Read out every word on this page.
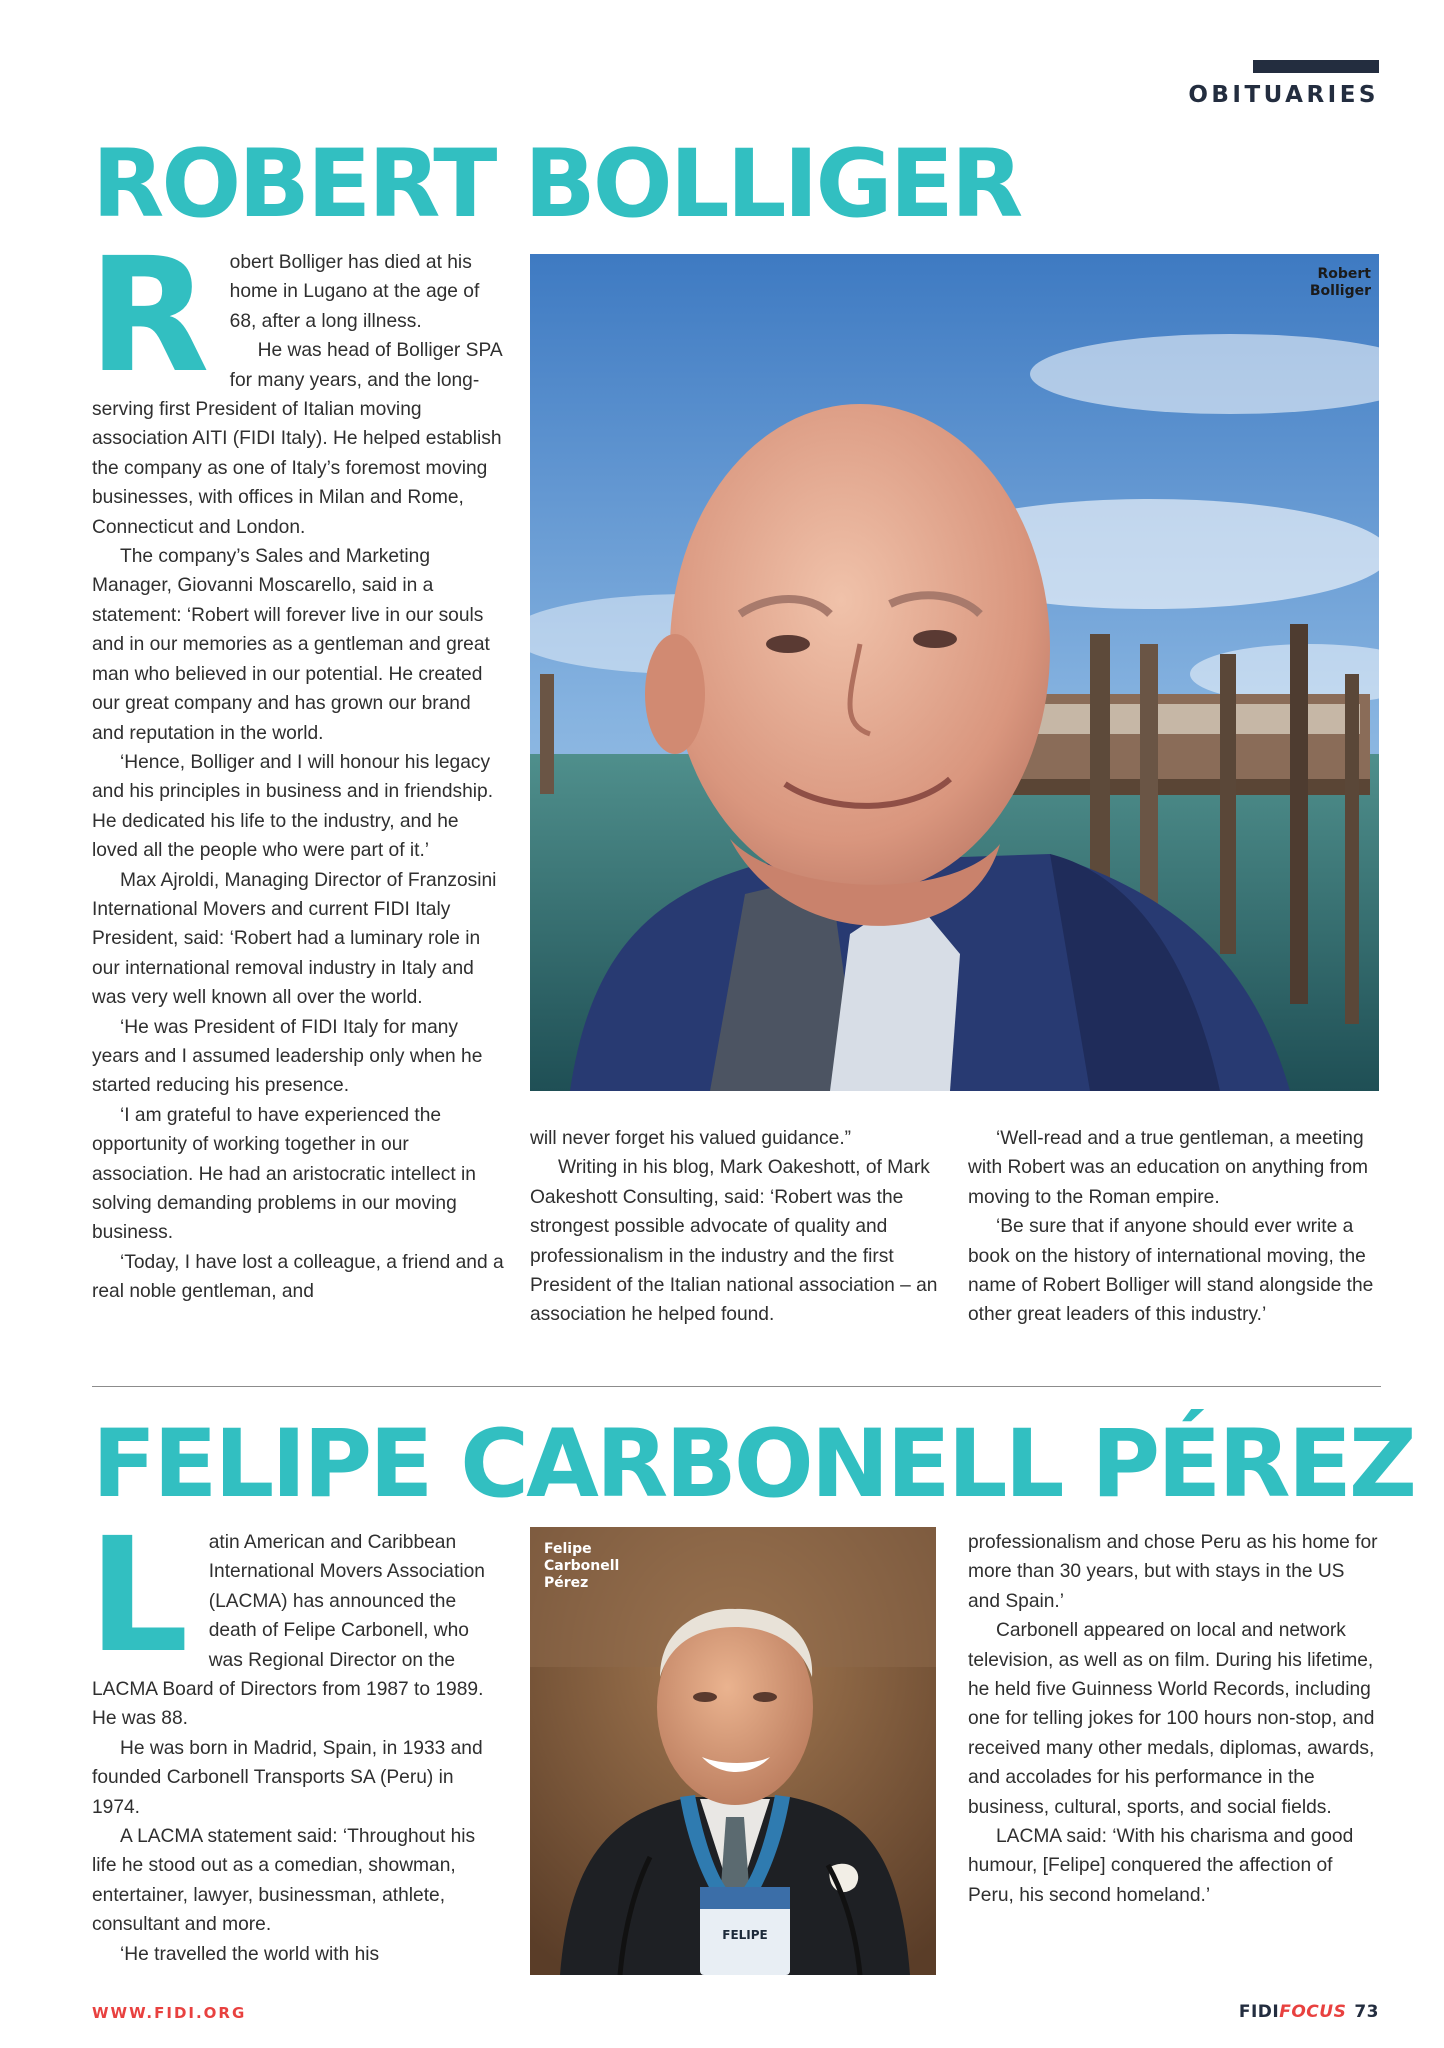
OBITUARIES
ROBERT BOLLIGER
R	obert Bolliger has died at his home in Lugano at the age of 68, after a long illness.

He was head of Bolliger SPA for many years, and the long-serving first President of Italian moving association AITI (FIDI Italy). He helped establish the company as one of Italy’s foremost moving businesses, with offices in Milan and Rome, Connecticut and London.

The company’s Sales and Marketing Manager, Giovanni Moscarello, said in a statement: ‘Robert will forever live in our souls and in our memories as a gentleman and great man who believed in our potential. He created our great company and has grown our brand and reputation in the world.

‘Hence, Bolliger and I will honour his legacy and his principles in business and in friendship. He dedicated his life to the industry, and he loved all the people who were part of it.’

Max Ajroldi, Managing Director of Franzosini International Movers and current FIDI Italy President, said: ‘Robert had a luminary role in our international removal industry in Italy and was very well known all over the world.

‘He was President of FIDI Italy for many years and I assumed leadership only when he started reducing his presence.

‘I am grateful to have experienced the opportunity of working together in our association. He had an aristocratic intellect in solving demanding problems in our moving business.

‘Today, I have lost a colleague, a friend and a real noble gentleman, and

Robert
Bolliger

will never forget his valued guidance.”

Writing in his blog, Mark Oakeshott, of Mark Oakeshott Consulting, said: ‘Robert was the strongest possible advocate of quality and professionalism in the industry and the first President of the Italian national association – an association he helped found.

‘Well-read and a true gentleman, a meeting with Robert was an education on anything from moving to the Roman empire.

‘Be sure that if anyone should ever write a book on the history of international moving, the name of Robert Bolliger will stand alongside the other great leaders of this industry.’

FELIPE CARBONELL PÉREZ
L	atin American and Caribbean International Movers Association (LACMA) has announced the death of Felipe Carbonell, who was Regional Director on the LACMA Board of Directors from 1987 to 1989. He was 88.

He was born in Madrid, Spain, in 1933 and founded Carbonell Transports SA (Peru) in 1974.

A LACMA statement said: ‘Throughout his life he stood out as a comedian, showman, entertainer, lawyer, businessman, athlete, consultant and more.

‘He travelled the world with his

FELIPE
Felipe
Carbonell
Pérez

professionalism and chose Peru as his home for more than 30 years, but with stays in the US and Spain.’

Carbonell appeared on local and network television, as well as on film. During his lifetime, he held five Guinness World Records, including one for telling jokes for 100 hours non-stop, and received many other medals, diplomas, awards, and accolades for his performance in the business, cultural, sports, and social fields.

LACMA said: ‘With his charisma and good humour, [Felipe] conquered the affection of Peru, his second homeland.’

WWW.FIDI.ORG	FIDIFOCUS 73
